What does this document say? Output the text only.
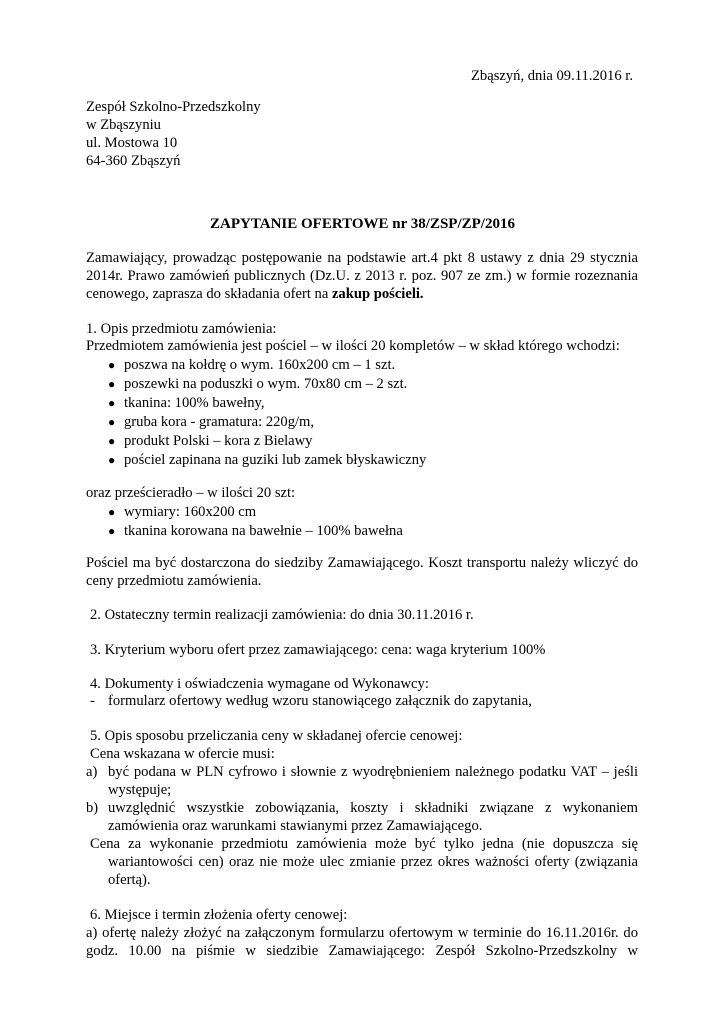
Zbąszyń, dnia 09.11.2016 r.
Zespół Szkolno-Przedszkolny
w Zbąszyniu
ul. Mostowa 10
64-360 Zbąszyń
ZAPYTANIE OFERTOWE nr 38/ZSP/ZP/2016
Zamawiający, prowadząc postępowanie na podstawie art.4 pkt 8 ustawy z dnia 29 stycznia
2014r. Prawo zamówień publicznych (Dz.U. z 2013 r. poz. 907 ze zm.) w formie rozeznania
cenowego, zaprasza do składania ofert na zakup pościeli.
1. Opis przedmiotu zamówienia:
Przedmiotem zamówienia jest pościel – w ilości 20 kompletów – w skład którego wchodzi:
● poszwa na kołdrę o wym. 160x200 cm – 1 szt.
● poszewki na poduszki o wym. 70x80 cm – 2 szt.
● tkanina: 100% bawełny,
● gruba kora - gramatura: 220g/m,
● produkt Polski – kora z Bielawy
● pościel zapinana na guziki lub zamek błyskawiczny
oraz prześcieradło – w ilości 20 szt:
● wymiary: 160x200 cm
● tkanina korowana na bawełnie – 100% bawełna
Pościel ma być dostarczona do siedziby Zamawiającego. Koszt transportu należy wliczyć do
ceny przedmiotu zamówienia.
2. Ostateczny termin realizacji zamówienia: do dnia 30.11.2016 r.
3. Kryterium wyboru ofert przez zamawiającego: cena: waga kryterium 100%
4. Dokumenty i oświadczenia wymagane od Wykonawcy:
- formularz ofertowy według wzoru stanowiącego załącznik do zapytania,
5. Opis sposobu przeliczania ceny w składanej ofercie cenowej:
Cena wskazana w ofercie musi:
a) być podana w PLN cyfrowo i słownie z wyodrębnieniem należnego podatku VAT – jeśli
występuje;
b) uwzględnić wszystkie zobowiązania, koszty i składniki związane z wykonaniem
zamówienia oraz warunkami stawianymi przez Zamawiającego.
Cena za wykonanie przedmiotu zamówienia może być tylko jedna (nie dopuszcza się
wariantowości cen) oraz nie może ulec zmianie przez okres ważności oferty (związania
ofertą).
6. Miejsce i termin złożenia oferty cenowej:
a) ofertę należy złożyć na załączonym formularzu ofertowym w terminie do 16.11.2016r. do
godz. 10.00 na piśmie w siedzibie Zamawiającego: Zespół Szkolno-Przedszkolny w
